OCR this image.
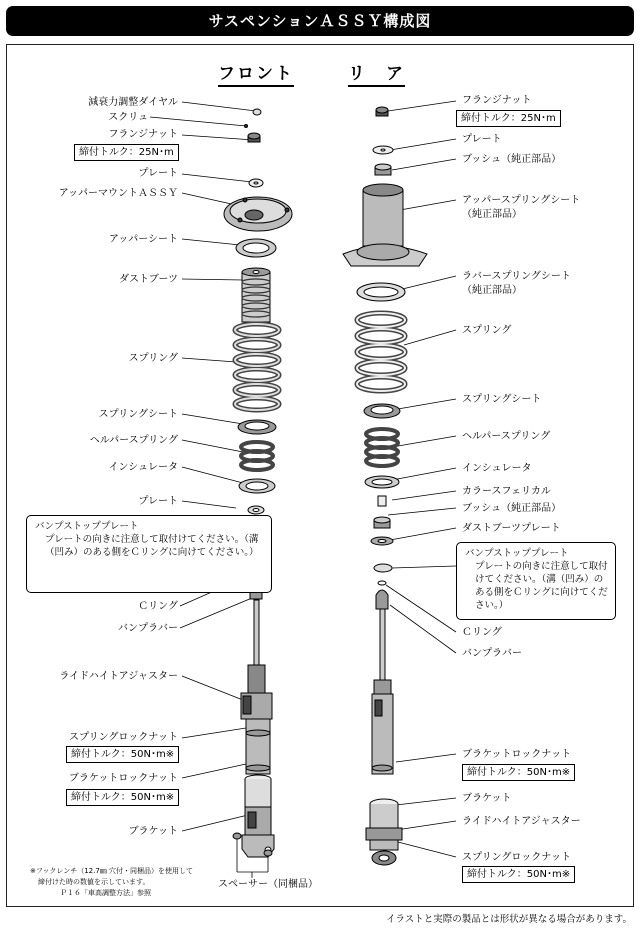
サスペンションＡＳＳＹ構成図
フロント	リ　ア
減衰力調整ダイヤル
スクリュ
フランジナット
締付トルク：25N･m
プレート
アッパーマウントＡＳＳＹ
アッパーシート
ダストブーツ
スプリング
スプリングシート
ヘルパースプリング
インシュレータ
プレート
バンプストッププレート
プレートの向きに注意して取付けてください。（溝（凹み）のある側をＣリングに向けてください。）
Ｃリング
バンプラバー
ライドハイトアジャスター
スプリングロックナット
締付トルク：50N･m※
ブラケットロックナット
締付トルク：50N･m※
ブラケット
スペーサー（同梱品）
※フックレンチ（12.7㎜ 穴付・同梱品）を使用して
締付けた時の数値を示しています。
Ｐ１６「車高調整方法」参照
フランジナット
締付トルク：25N･m
プレート
ブッシュ（純正部品）
アッパースプリングシート
（純正部品）
ラバースプリングシート
（純正部品）
スプリング
スプリングシート
ヘルパースプリング
インシュレータ
カラースフェリカル
ブッシュ（純正部品）
ダストブーツプレート
バンプストッププレート
プレートの向きに注意して取付けてください。（溝（凹み）のある側をＣリングに向けてください。）
Ｃリング
バンプラバー
ブラケットロックナット
締付トルク：50N･m※
ブラケット
ライドハイトアジャスター
スプリングロックナット
締付トルク：50N･m※
イラストと実際の製品とは形状が異なる場合があります。
